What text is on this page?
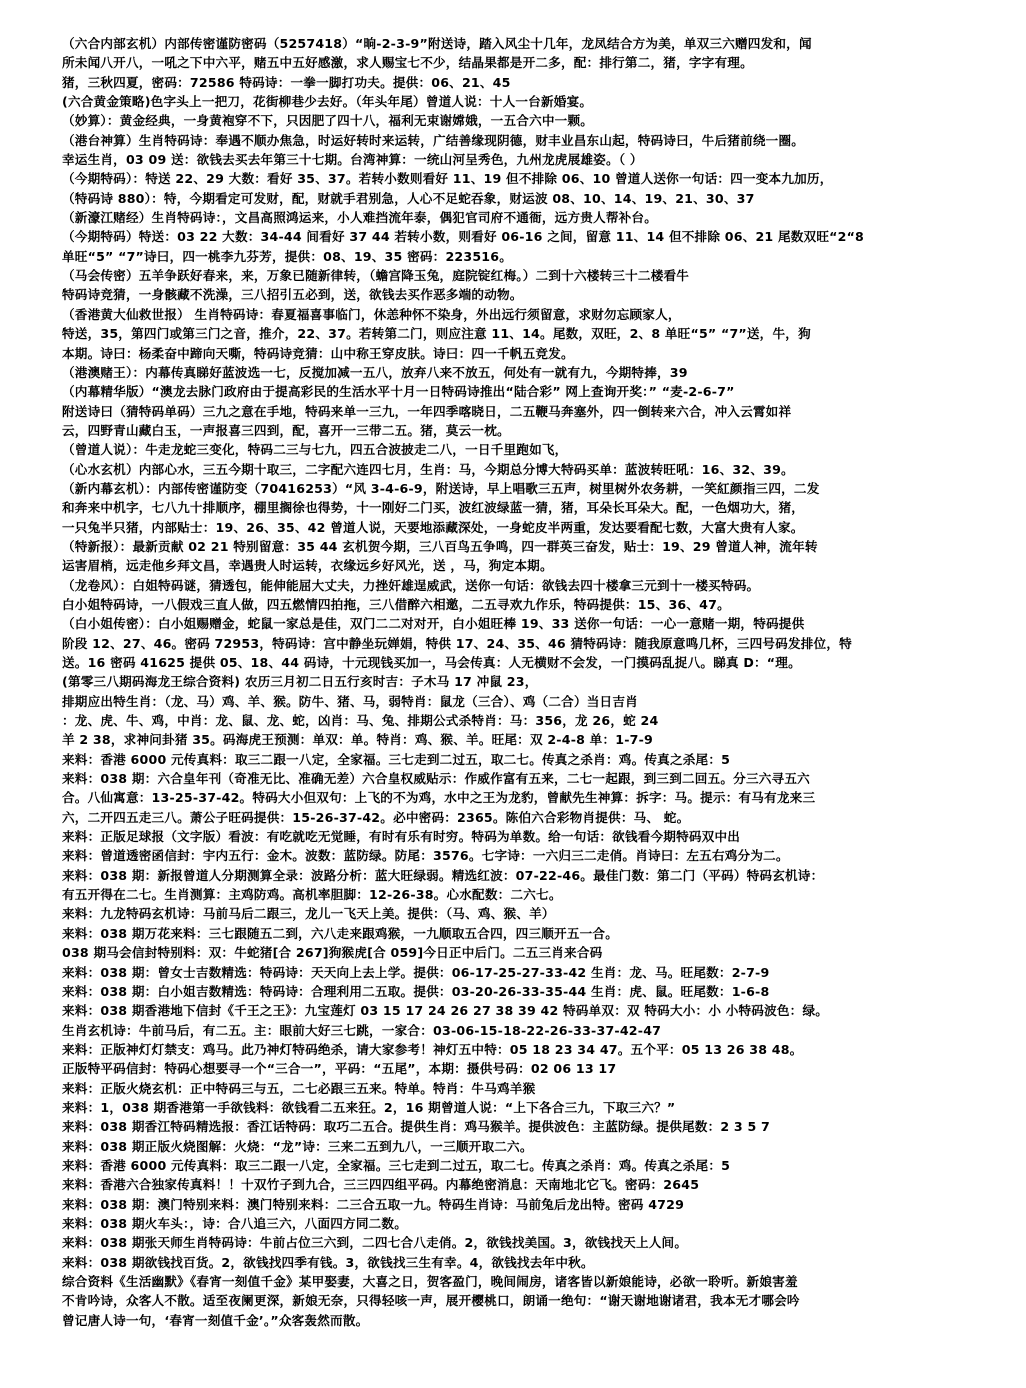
（六合内部玄机）内部传密谨防密码（5257418）“晌-2-3-9”附送诗，踏入风尘十几年，龙凤结合方为美，单双三六赠四发和，闻
所未闻八开八，一吼之下中六平，赌五中五好感激，求人赐宝七不少，结晶果都是开二多，配：排行第二，猪，字字有理。
猪，三秋四夏，密码：72586 特码诗：一拳一脚打功夫。提供：06、21、45
(六合黄金策略)色字头上一把刀，花街柳巷少去好。（年头年尾）曾道人说：十人一台新婚宴。
（妙算）：黄金经典，一身黄袍穿不下，只因肥了四十八，福利无束谢嫦娥，一五合六中一颗。
（港台神算）生肖特码诗：奉遇不顺办焦急，时运好转时来运转，广结善缘现阴德，财丰业昌东山起，特码诗曰，牛后猪前绕一圈。
幸运生肖，03 09 送：欲钱去买去年第三十七期。台湾神算：一统山河呈秀色，九州龙虎展雄姿。（ ）
（今期特码）：特送 22、29 大数：看好 35、37。若转小数则看好 11、19 但不排除 06、10 曾道人送你一句话：四一变本九加历，
（特码诗 880）：特，今期看定可发财，配，财就手君别急，人心不足蛇吞象，财运波 08、10、14、19、21、30、37
（新濠江赌经）生肖特码诗：，文昌高照鸿运来，小人难挡流年泰，偶犯官司府不通衙，远方贵人帮补台。
（今期特码）特送：03 22 大数：34-44 间看好 37 44 若转小数，则看好 06-16 之间，留意 11、14 但不排除 06、21 尾数双旺“2“8
单旺“5” “7”诗曰，四一桃李九芬芳，提供：08、19、35 密码：223516。
（马会传密）五羊争跃好春来，来，万象已随新律转，（蟾宫降玉兔，庭院锭红梅。）二到十六楼转三十二楼看牛
特码诗竞猜，一身骸藏不洗澡，三八招引五必到，送，欲钱去买作恶多端的动物。
（香港黄大仙救世报） 生肖特码诗：春夏福喜事临门，休恙种怀不染身，外出远行须留意，求财勿忘顾家人，
特送，35，第四门或第三门之音，推介，22、37。若转第二门，则应注意 11、14。尾数，双旺，2、8 单旺“5” “7”送，牛，狗
本期。诗曰：杨柔奋中蹄向天嘶，特码诗竞猜：山中称王穿皮肤。诗曰：四一千帆五竞发。
（港澳赌王）：内幕传真睇好蓝波选一七，反搅加减一五八，放弃八来不放五，何处有一就有九，今期特捧，39
（内幕精华版）“澳龙去脉门政府由于提高彩民的生活水平十月一日特码诗推出“陆合彩” 网上查询开奖：” “麦-2-6-7”
附送诗曰（猜特码单码）三九之意在手地，特码来单一三九，一年四季喀晓日，二五鞭马奔塞外，四一倒转来六合，冲入云霄如祥
云，四野青山藏白玉，一声报喜三四到，配，喜开一三带二五。猪，莫云一枕。
（曾道人说）：牛走龙蛇三变化，特码二三与七九，四五合波披走二八，一日千里跑如飞，
（心水玄机）内部心水，三五今期十取三，二字配六连四七月，生肖：马，今期总分博大特码买单：蓝波转旺吼：16、32、39。
（新内幕玄机）：内部传密谨防变（70416253）“风 3-4-6-9，附送诗，早上唱歌三五声，树里树外农务耕，一笑紅颜指三四，二发
和奔来中机字，七八九十排顺序，棚里搁徐也得势，十一刚好二门买，波红波绿蓝一猜，猪，耳朵长耳朵大。配，一色烟功大，猪，
一只兔半只猪，内部贴士：19、26、35、42 曾道人说，天要地添藏深处，一身蛇皮半两重，发达要看配七数，大富大贵有人家。
（特新报）：最新贡献 02 21 特别留意：35 44 玄机贺今期，三八百鸟五争鸣，四一群英三奋发，贴士：19、29 曾道人神，流年转
运害眉梢，远走他乡拜文昌，幸遇贵人时运转，衣缘远乡好风光，送 ，马，狗定本期。
（龙卷风）：白姐特码谜，猜透包，能伸能屈大丈夫，力挫奸雄逞威武，送你一句话：欲钱去四十楼拿三元到十一楼买特码。
白小姐特码诗，一八假戏三直人做，四五燃情四拍拖，三八借醉六相邀，二五寻欢九作乐，特码提供：15、36、47。
（白小姐传密）：白小姐赐赠金，蛇鼠一家总是佳，双门二二对对开，白小姐旺棒 19、33 送你一句话：一心一意赌一期，特码提供
阶段 12、27、46。密码 72953，特码诗：宫中静坐玩婵娟，特供 17、24、35、46 猜特码诗：随我原意鸣几杯，三四号码发排位，特
送。16 密码 41625 提供 05、18、44 码诗，十元现钱买加一，马会传真：人无横财不会发，一门摸码乱捉八。睇真 D：“理。
(第零三八期码海龙王综合资料) 农历三月初二日五行亥时吉：子木马 17 冲鼠 23，
排期应出特生肖：（龙、马）鸡、羊、猴。防牛、猪、马，弱特肖：鼠龙（三合）、鸡（二合）当日吉肖
：龙、虎、牛、鸡，中肖：龙、鼠、龙、蛇，凶肖：马、兔、排期公式杀特肖：马：356，龙 26，蛇 24
羊 2 38，求神问卦猪 35。码海虎王预测：单双：单。特肖：鸡、猴、羊。旺尾：双 2-4-8 单：1-7-9
来料：香港 6000 元传真料：取三二跟一八定，全家福。三七走到二过五，取二七。传真之杀肖：鸡。传真之杀尾：5
来料：038 期：六合皇年刊（奇准无比、准确无差）六合皇权威贴示：作威作富有五来，二七一起跟，到三到二回五。分三六寻五六
合。八仙寓意：13-25-37-42。特码大小但双句：上飞的不为鸡，水中之王为龙豹，曾献先生神算：拆字：马。提示：有马有龙来三
六，二开四五走三八。萧公子旺码提供：15-26-37-42。必中密码：2365。陈伯六合彩物肖提供：马、 蛇。
来料：正版足球报（文字版）看波：有吃就吃无觉睡，有时有乐有时穷。特码为单数。给一句话：欲钱看今期特码双中出
来料：曾道透密函信封：宇内五行：金木。波数：蓝防绿。防尾：3576。七字诗：一六归三二走俏。肖诗曰：左五右鸡分为二。
来料：038 期：新报曾道人分期测算全录：波路分析：蓝大旺绿弱。精选红波：07-22-46。最佳门数：第二门（平码）特码玄机诗：
有五开得在二七。生肖测算：主鸡防鸡。高机率胆脚：12-26-38。心水配数：二六七。
来料：九龙特码玄机诗：马前马后二跟三，龙儿一飞天上美。提供：（马、鸡、猴、羊）
来料：038 期万花来料：三七跟随五二到，六八走来跟鸡猴，一九顺取五合四，四三顺开五一合。
038 期马会信封特别料：双：牛蛇猪[合 267]狗猴虎[合 059]今日正中后门。二五三肖来合码
来料：038 期：曾女士吉数精选：特码诗：天天向上去上学。提供：06-17-25-27-33-42 生肖：龙、马。旺尾数：2-7-9
来料：038 期：白小姐吉数精选：特码诗：合理利用二五取。提供：03-20-26-33-35-44 生肖：虎、鼠。旺尾数：1-6-8
来料：038 期香港地下信封《千王之王》：九宝莲灯 03 15 17 24 26 27 38 39 42 特码单双：双 特码大小：小 小特码波色：绿。
生肖玄机诗：牛前马后，有二五。主：眼前大好三七跳，一家合：03-06-15-18-22-26-33-37-42-47
来料：正版神灯灯禁支：鸡马。此乃神灯特码绝杀，请大家参考！神灯五中特：05 18 23 34 47。五个平：05 13 26 38 48。
正版特平码信封：特码心想要寻一个“三合一”，平码：“五尾”，本期：摄供号码：02 06 13 17
来料：正版火烧玄机：正中特码三与五，二七必跟三五来。特单。特肖：牛马鸡羊猴
来料：1，038 期香港第一手欲钱料：欲钱看二五来狂。2，16 期曾道人说：“上下各合三九，下取三六？”
来料：038 期香江特码精选报：香江话特码：取巧二五合。提供生肖：鸡马猴羊。提供波色：主蓝防绿。提供尾数：2 3 5 7
来料：038 期正版火烧图解：火烧：“龙”诗：三来二五到九八，一三顺开取二六。
来料：香港 6000 元传真料：取三二跟一八定，全家福。三七走到二过五，取二七。传真之杀肖：鸡。传真之杀尾：5
来料：香港六合独家传真料！！十双竹子到九合，三三四四组平码。内幕绝密消息：天南地北它飞。密码：2645
来料：038 期：澳门特别来料：澳门特别来料：二三合五取一九。特码生肖诗：马前兔后龙出特。密码 4729
来料：038 期火车头：，诗：合八追三六，八面四方同二数。
来料：038 期张天师生肖特码诗：牛前占位三六到，二四七合八走俏。2，欲钱找美国。3，欲钱找天上人间。
来料：038 期欲钱找百货。2，欲钱找四季有钱。3，欲钱找三生有幸。4，欲钱找去年中秋。
综合资料《生活幽默》《春宵一刻值千金》某甲娶妻，大喜之日，贺客盈门，晚间闹房，诸客皆以新娘能诗，必欲一聆听。新娘害羞
不肯吟诗，众客人不散。适至夜阑更深，新娘无奈，只得轻咳一声，展开樱桃口，朗诵一绝句：“谢天谢地谢诸君，我本无才哪会吟
曾记唐人诗一句，‘春宵一刻值千金’。”众客轰然而散。
